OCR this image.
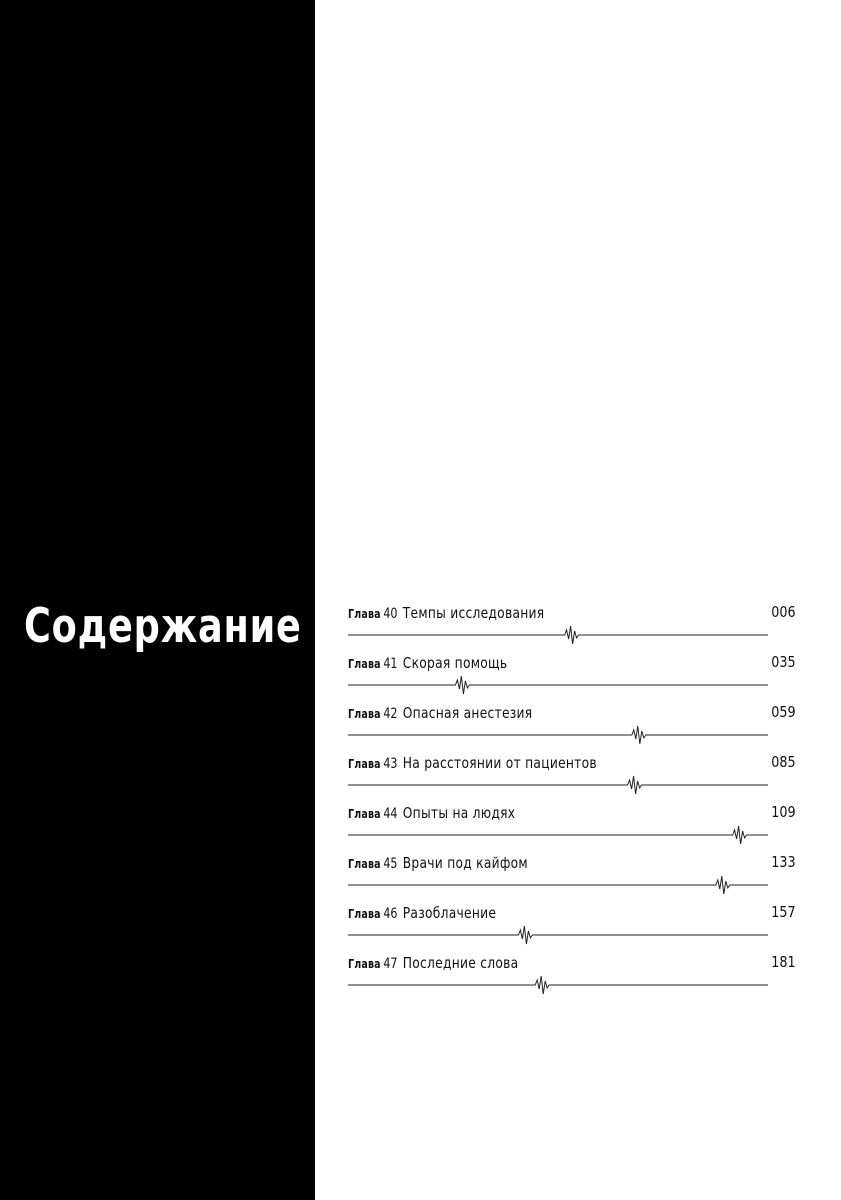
Содержание	Глава 40 Темпы исследования	006
Глава 41 Скорая помощь	035
Глава 42 Опасная анестезия	059
Глава 43 На расстоянии от пациентов	085
Глава 44 Опыты на людях	109
Глава 45 Врачи под кайфом	133
Глава 46 Разоблачение	157
Глава 47 Последние слова	181
